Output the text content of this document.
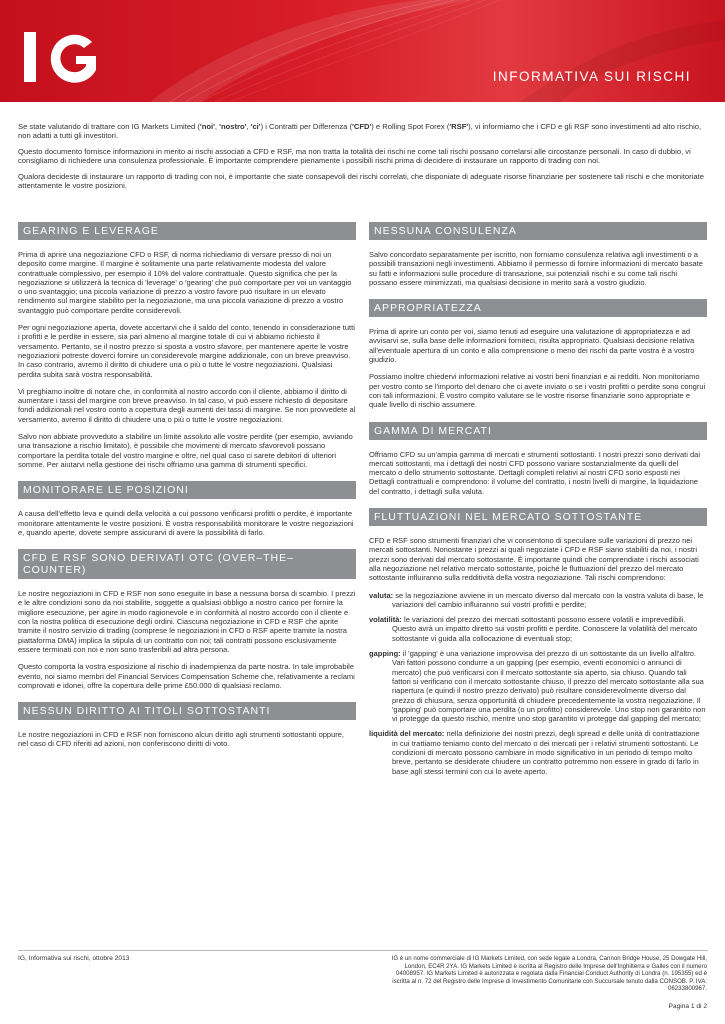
INFORMATIVA SUI RISCHI

Se state valutando di trattare con IG Markets Limited ('noi', 'nostro', 'ci') i Contratti per Differenza ('CFD') e Rolling Spot Forex ('RSF'), vi informiamo che i CFD e gli RSF sono investimenti ad alto rischio, non adatti a tutti gli investitori.

Questo documento fornisce informazioni in merito ai rischi associati a CFD e RSF, ma non tratta la totalità dei rischi ne come tali rischi possano correlarsi alle circostanze personali. In caso di dubbio, vi consigliamo di richiedere una consulenza professionale. È importante comprendere pienamente i possibili rischi prima di decidere di instaurare un rapporto di trading con noi.

Qualora decideste di instaurare un rapporto di trading con noi, è importante che siate consapevoli dei rischi correlati, che disponiate di adeguate risorse finanziarie per sostenere tali rischi e che monitoriate attentamente le vostre posizioni.

GEARING E LEVERAGE

Prima di aprire una negoziazione CFD o RSF, di norma richiediamo di versare presso di noi un deposito come margine. Il margine è solitamente una parte relativamente modesta del valore contrattuale complessivo, per esempio il 10% del valore contrattuale. Questo significa che per la negoziazione si utilizzerà la tecnica di 'leverage' o 'gearing' che può comportare per voi un vantaggio o uno svantaggio; una piccola variazione di prezzo a vostro favore può risultare in un elevato rendimento sul margine stabilito per la negoziazione, ma una piccola variazione di prezzo a vostro svantaggio può comportare perdite considerevoli.

Per ogni negoziazione aperta, dovete accertarvi che il saldo del conto, tenendo in considerazione tutti i profitti e le perdite in essere, sia pari almeno al margine totale di cui vi abbiamo richiesto il versamento. Pertanto, se il nostro prezzo si sposta a vostro sfavore, per mantenere aperte le vostre negoziazioni potreste doverci fornire un considerevole margine addizionale, con un breve preavviso. In caso contrario, avremo il diritto di chiudere una o più o tutte le vostre negoziazioni. Qualsiasi perdita subita sarà vostra responsabilità.

Vi preghiamo inoltre di notare che, in conformità al nostro accordo con il cliente, abbiamo il diritto di aumentare i tassi del margine con breve preavviso. In tal caso, vi può essere richiesto di depositare fondi addizionali nel vostro conto a copertura degli aumenti dei tassi di margine. Se non provvedete al versamento, avremo il diritto di chiudere una o più o tutte le vostre negoziazioni.

Salvo non abbiate provveduto a stabilire un limite assoluto alle vostre perdite (per esempio, avviando una transazione a rischio limitato), è possibile che movimenti di mercato sfavorevoli possano comportare la perdita totale del vostro margine e oltre, nel qual caso ci sarete debitori di ulteriori somme. Per aiutarvi nella gestione dei rischi offriamo una gamma di strumenti specifici.

MONITORARE LE POSIZIONI

A causa dell'effetto leva e quindi della velocità a cui possono verificarsi profitti o perdite, è importante monitorare attentamente le vostre posizioni. È vostra responsabilità monitorare le vostre negoziazioni e, quando aperte, dovete sempre assicurarvi di avere la possibilità di farlo.

CFD E RSF SONO DERIVATI OTC (OVER–THE–COUNTER)

Le nostre negoziazioni in CFD e RSF non sono eseguite in base a nessuna borsa di scambio. I prezzi e le altre condizioni sono da noi stabilite, soggette a qualsiasi obbligo a nostro carico per fornire la migliore esecuzione, per agire in modo ragionevole e in conformità al nostro accordo con il cliente e con la nostra politica di esecuzione degli ordini. Ciascuna negoziazione in CFD e RSF che aprite tramite il nostro servizio di trading (comprese le negoziazioni in CFD o RSF aperte tramite la nostra piattaforma DMA) implica la stipula di un contratto con noi; tali contratti possono esclusivamente essere terminati con noi e non sono trasferibili ad altra persona.

Questo comporta la vostra esposizione al rischio di inadempienza da parte nostra. In tale improbabile evento, noi siamo membri del Financial Services Compensation Scheme che, relativamente a reclami comprovati e idonei, offre la copertura delle prime £50.000 di qualsiasi reclamo.

NESSUN DIRITTO AI TITOLI SOTTOSTANTI

Le nostre negoziazioni in CFD e RSF non forniscono alcun diritto agli strumenti sottostanti oppure, nel caso di CFD riferiti ad azioni, non conferiscono diritti di voto.

NESSUNA CONSULENZA

Salvo concordato separatamente per iscritto, non forniamo consulenza relativa agli investimenti o a possibili transazioni negli investimenti. Abbiamo il permesso di fornire informazioni di mercato basate su fatti e informazioni sulle procedure di transazione, sui potenziali rischi e su come tali rischi possano essere minimizzati, ma qualsiasi decisione in merito sarà a vostro giudizio.

APPROPRIATEZZA

Prima di aprire un conto per voi, siamo tenuti ad eseguire una valutazione di appropriatezza e ad avvisarvi se, sulla base delle informazioni forniteci, risulta appropriato. Qualsiasi decisione relativa all'eventuale apertura di un conto e alla comprensione o meno dei rischi da parte vostra è a vostro giudizio.

Possiamo inoltre chiedervi informazioni relative ai vostri beni finanziari e ai redditi. Non monitoriamo per vostro conto se l'importo del denaro che ci avete inviato o se i vostri profitti o perdite sono congrui con tali informazioni. È vostro compito valutare se le vostre risorse finanziarie sono appropriate e quale livello di rischio assumere.

GAMMA DI MERCATI

Offriamo CFD su un'ampia gamma di mercati e strumenti sottostanti. I nostri prezzi sono derivati dai mercati sottostanti, ma i dettagli dei nostri CFD possono variare sostanzialmente da quelli del mercato o dello strumento sottostante. Dettagli completi relativi ai nostri CFD sono esposti nei Dettagli contrattuali e comprendono: il volume del contratto, i nostri livelli di margine, la liquidazione del contratto, i dettagli sulla valuta.

FLUTTUAZIONI NEL MERCATO SOTTOSTANTE

CFD e RSF sono strumenti finanziari che vi consentono di speculare sulle variazioni di prezzo nei mercati sottostanti. Nonostante i prezzi ai quali negoziate i CFD e RSF siano stabiliti da noi, i nostri prezzi sono derivati dal mercato sottostante. È importante quindi che comprendiate i rischi associati alla negoziazione nel relativo mercato sottostante, poiché le fluttuazioni del prezzo del mercato sottostante influiranno sulla redditività della vostra negoziazione. Tali rischi comprendono:

valuta: se la negoziazione avviene in un mercato diverso dal mercato con la vostra valuta di base, le variazioni del cambio influiranno sui vostri profitti e perdite;
volatilità: le variazioni del prezzo dei mercati sottostanti possono essere volatili e imprevedibili. Questo avrà un impatto diretto sui vostri profitti e perdite. Conoscere la volatilità del mercato sottostante vi guida alla collocazione di eventuali stop;
gapping: il 'gapping' è una variazione improvvisa del prezzo di un sottostante da un livello all'altro. Vari fattori possono condurre a un gapping (per esempio, eventi economici o annunci di mercato) che può verificarsi con il mercato sottostante sia aperto, sia chiuso. Quando tali fattori si verificano con il mercato sottostante chiuso, il prezzo del mercato sottostante alla sua riapertura (e quindi il nostro prezzo derivato) può risultare considerevolmente diverso dal prezzo di chiusura, senza opportunità di chiudere precedentemente la vostra negoziazione. Il 'gapping' può comportare una perdita (o un profitto) considerevole. Uno stop non garantito non vi protegge da questo rischio, mentre uno stop garantito vi protegge dal gapping del mercato;
liquidità del mercato: nella definizione dei nostri prezzi, degli spread e delle unità di contrattazione in cui trattiamo teniamo conto del mercato o dei mercati per i relativi strumenti sottostanti. Le condizioni di mercato possono cambiare in modo significativo in un periodo di tempo molto breve, pertanto se desiderate chiudere un contratto potremmo non essere in grado di farlo in base agli stessi termini con cui lo avete aperto.
IG, Informativa sui rischi, ottobre 2013	IG è un nome commerciale di IG Markets Limited, con sede legale a Londra, Cannon Bridge House, 25 Dowgate Hill, London, EC4R 2YA. IG Markets Limited è iscritta al Registro delle Imprese dell'Inghilterra e Galles con il numero 04008957. IG Markets Limited è autorizzata e regolata dalla Financial Conduct Authority di Londra (n. 195355) ed è iscritta al n. 72 del Registro delle Imprese di Investimento Comunitarie con Succursale tenuto dalla CONSOB. P. IVA: 06233800967.
Pagina 1 di 2
